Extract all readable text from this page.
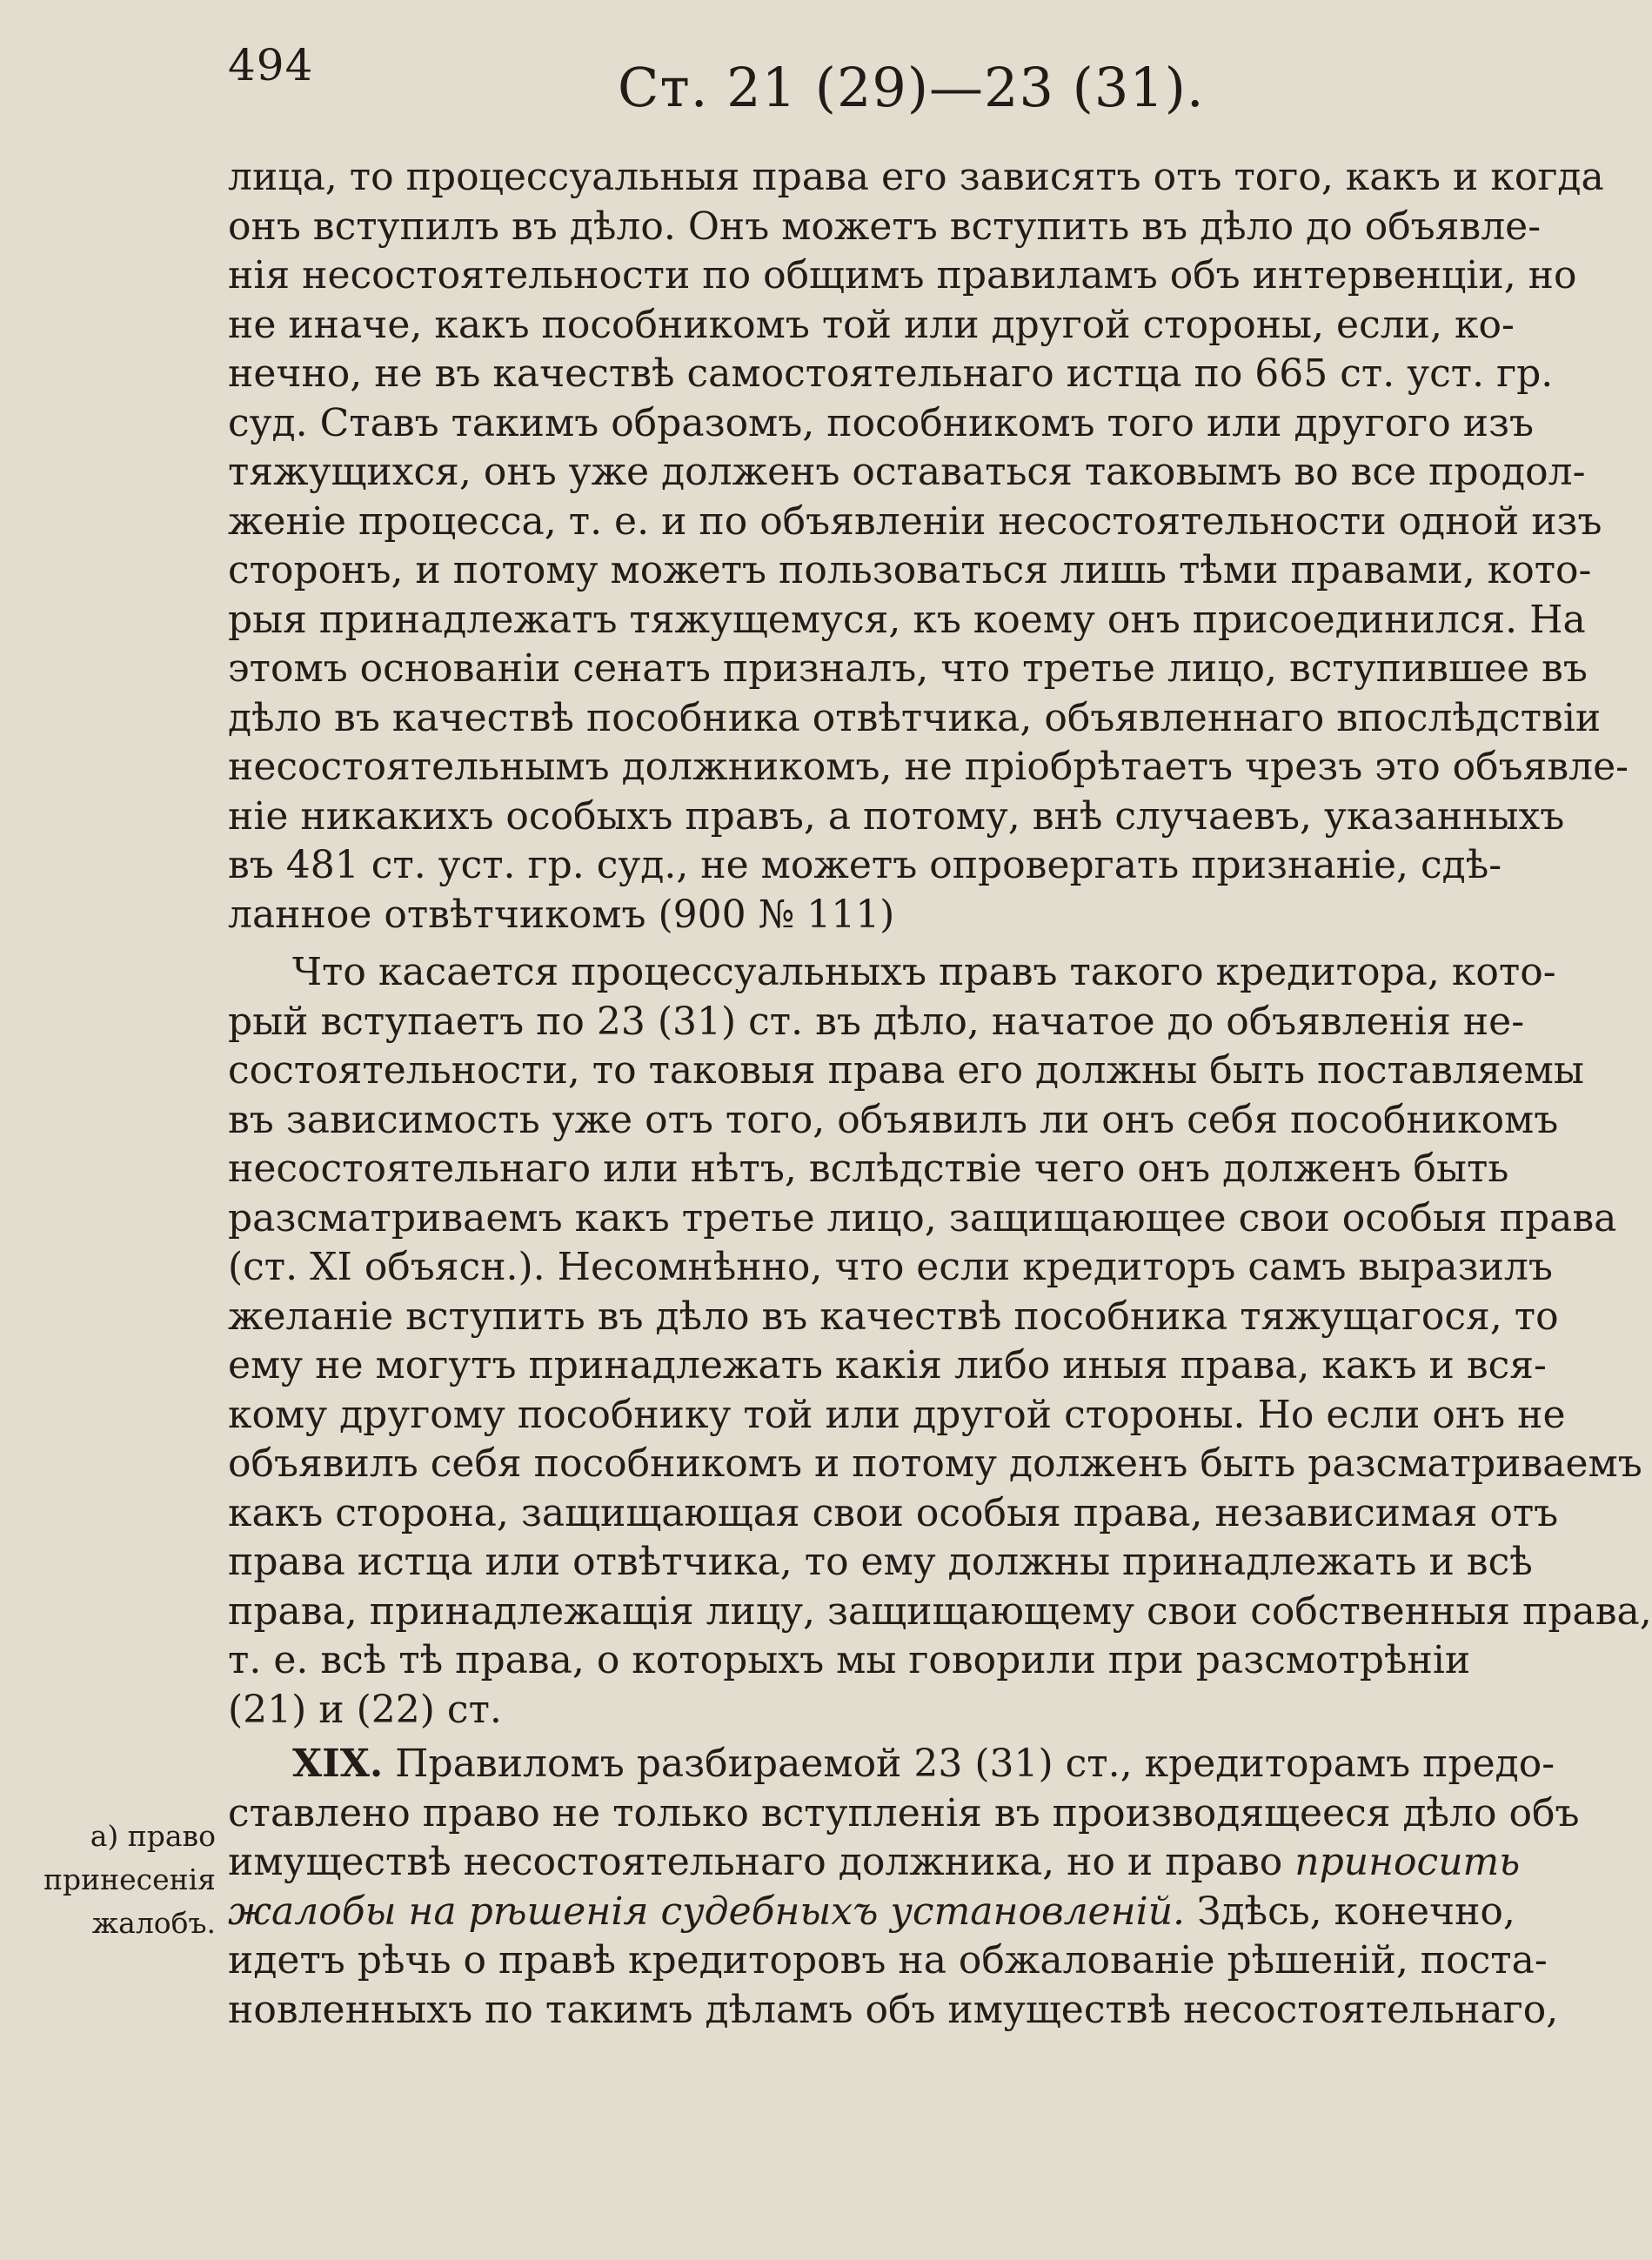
494	Ст. 21 (29)—23 (31).
а) право
принесенія
жалобъ.
лица, то процессуальныя права его зависятъ отъ того, какъ и когда
онъ вступилъ въ дѣло. Онъ можетъ вступить въ дѣло до объявле-
нія несостоятельности по общимъ правиламъ объ интервенціи, но
не иначе, какъ пособникомъ той или другой стороны, если, ко-
нечно, не въ качествѣ самостоятельнаго истца по 665 ст. уст. гр.
суд. Ставъ такимъ образомъ, пособникомъ того или другого изъ
тяжущихся, онъ уже долженъ оставаться таковымъ во все продол-
женіе процесса, т. е. и по объявленіи несостоятельности одной изъ
сторонъ, и потому можетъ пользоваться лишь тѣми правами, кото-
рыя принадлежатъ тяжущемуся, къ коему онъ присоединился. На
этомъ основаніи сенатъ призналъ, что третье лицо, вступившее въ
дѣло въ качествѣ пособника отвѣтчика, объявленнаго впослѣдствіи
несостоятельнымъ должникомъ, не пріобрѣтаетъ чрезъ это объявле-
ніе никакихъ особыхъ правъ, а потому, внѣ случаевъ, указанныхъ
въ 481 ст. уст. гр. суд., не можетъ опровергать признаніе, сдѣ-
ланное отвѣтчикомъ (900 № 111)
Что касается процессуальныхъ правъ такого кредитора, кото-
рый вступаетъ по 23 (31) ст. въ дѣло, начатое до объявленія не-
состоятельности, то таковыя права его должны быть поставляемы
въ зависимость уже отъ того, объявилъ ли онъ себя пособникомъ
несостоятельнаго или нѣтъ, вслѣдствіе чего онъ долженъ быть
разсматриваемъ какъ третье лицо, защищающее свои особыя права
(ст. XI объясн.). Несомнѣнно, что если кредиторъ самъ выразилъ
желаніе вступить въ дѣло въ качествѣ пособника тяжущагося, то
ему не могутъ принадлежать какія либо иныя права, какъ и вся-
кому другому пособнику той или другой стороны. Но если онъ не
объявилъ себя пособникомъ и потому долженъ быть разсматриваемъ
какъ сторона, защищающая свои особыя права, независимая отъ
права истца или отвѣтчика, то ему должны принадлежать и всѣ
права, принадлежащія лицу, защищающему свои собственныя права,
т. е. всѣ тѣ права, о которыхъ мы говорили при разсмотрѣніи
(21) и (22) ст.
XIX. Правиломъ разбираемой 23 (31) ст., кредиторамъ предо-
ставлено право не только вступленія въ производящееся дѣло объ
имуществѣ несостоятельнаго должника, но и право приносить
жалобы на рѣшенія судебныхъ установленій. Здѣсь, конечно,
идетъ рѣчь о правѣ кредиторовъ на обжалованіе рѣшеній, поста-
новленныхъ по такимъ дѣламъ объ имуществѣ несостоятельнаго,
